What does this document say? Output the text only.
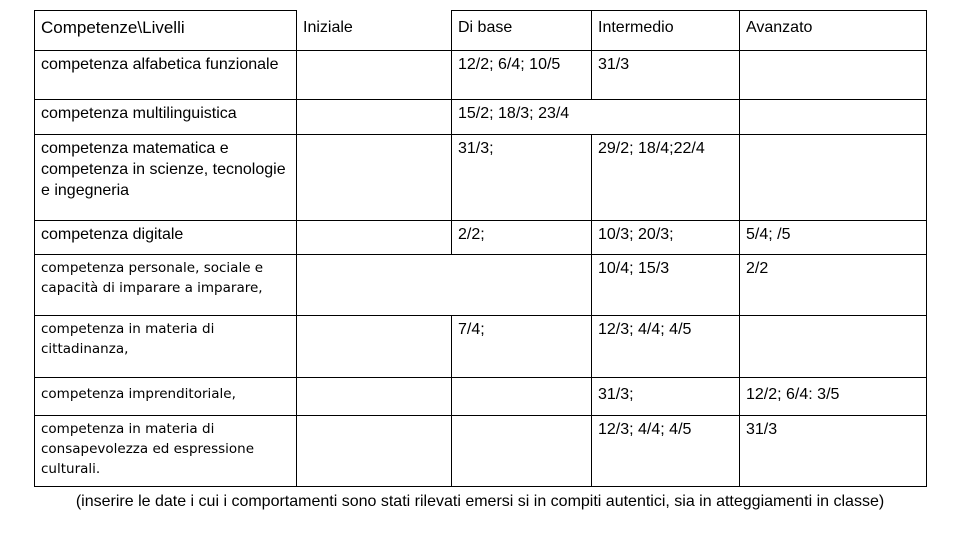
Competenze\Livelli	Iniziale	Di base	Intermedio	Avanzato
competenza alfabetica funzionale		12/2; 6/4; 10/5	31/3	
competenza multilinguistica		15/2; 18/3; 23/4		
competenza matematica e competenza in scienze, tecnologie e ingegneria		31/3;	29/2; 18/4;22/4	
competenza digitale		2/2;	10/3; 20/3;	5/4; /5
competenza personale, sociale e capacità di imparare a imparare,			10/4; 15/3	2/2
competenza in materia di cittadinanza,		7/4;	12/3; 4/4; 4/5	
competenza imprenditoriale,			31/3;	12/2; 6/4: 3/5
competenza in materia di consapevolezza ed espressione culturali.			12/3; 4/4; 4/5	31/3
(inserire le date i cui i comportamenti sono stati rilevati emersi si in compiti autentici, sia in atteggiamenti in classe)
